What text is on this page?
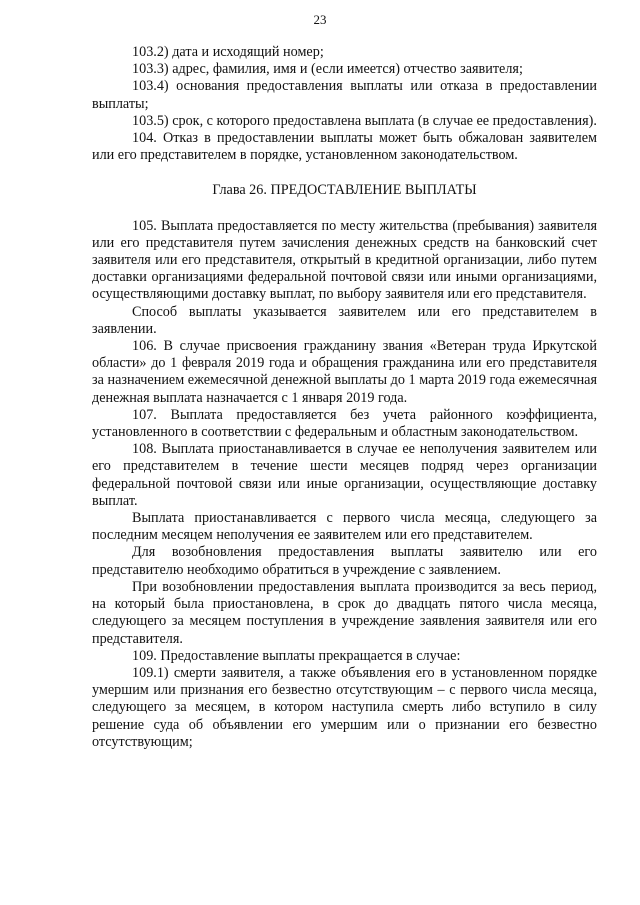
23

103.2) дата и исходящий номер;

103.3) адрес, фамилия, имя и (если имеется) отчество заявителя;

103.4) основания предоставления выплаты или отказа в предоставлении выплаты;

103.5) срок, с которого предоставлена выплата (в случае ее предоставления).

104. Отказ в предоставлении выплаты может быть обжалован заявителем или его представителем в порядке, установленном законодательством.

Глава 26. ПРЕДОСТАВЛЕНИЕ ВЫПЛАТЫ

105. Выплата предоставляется по месту жительства (пребывания) заявителя или его представителя путем зачисления денежных средств на банковский счет заявителя или его представителя, открытый в кредитной организации, либо путем доставки организациями федеральной почтовой связи или иными организациями, осуществляющими доставку выплат, по выбору заявителя или его представителя.

Способ выплаты указывается заявителем или его представителем в заявлении.

106. В случае присвоения гражданину звания «Ветеран труда Иркутской области» до 1 февраля 2019 года и обращения гражданина или его представителя за назначением ежемесячной денежной выплаты до 1 марта 2019 года ежемесячная денежная выплата назначается с 1 января 2019 года.

107. Выплата предоставляется без учета районного коэффициента, установленного в соответствии с федеральным и областным законодательством.

108. Выплата приостанавливается в случае ее неполучения заявителем или его представителем в течение шести месяцев подряд через организации федеральной почтовой связи или иные организации, осуществляющие доставку выплат.

Выплата приостанавливается с первого числа месяца, следующего за последним месяцем неполучения ее заявителем или его представителем.

Для возобновления предоставления выплаты заявителю или его представителю необходимо обратиться в учреждение с заявлением.

При возобновлении предоставления выплата производится за весь период, на который была приостановлена, в срок до двадцать пятого числа месяца, следующего за месяцем поступления в учреждение заявления заявителя или его представителя.

109. Предоставление выплаты прекращается в случае:

109.1) смерти заявителя, а также объявления его в установленном порядке умершим или признания его безвестно отсутствующим – с первого числа месяца, следующего за месяцем, в котором наступила смерть либо вступило в силу решение суда об объявлении его умершим или о признании его безвестно отсутствующим;
